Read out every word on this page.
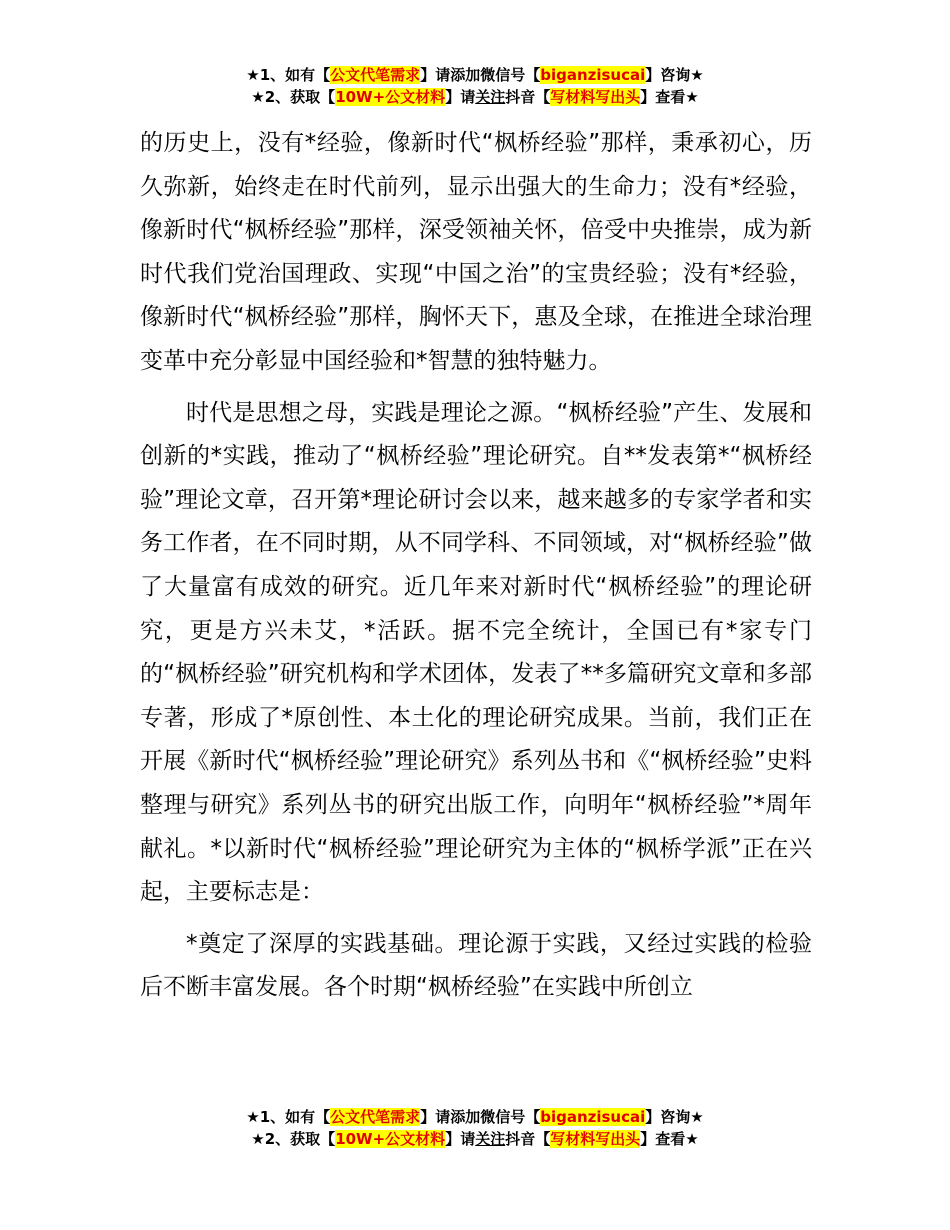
★1、如有【公文代笔需求】请添加微信号【biganzisucai】咨询★
★2、获取【10W+公文材料】请关注抖音【写材料写出头】查看★

的历史上，没有*经验，像新时代“枫桥经验”那样，秉承初心，历久弥新，始终走在时代前列，显示出强大的生命力；没有*经验，像新时代“枫桥经验”那样，深受领袖关怀，倍受中央推崇，成为新时代我们党治国理政、实现“中国之治”的宝贵经验；没有*经验，像新时代“枫桥经验”那样，胸怀天下，惠及全球，在推进全球治理变革中充分彰显中国经验和*智慧的独特魅力。

时代是思想之母，实践是理论之源。“枫桥经验”产生、发展和创新的*实践，推动了“枫桥经验”理论研究。自**发表第*“枫桥经验”理论文章，召开第*理论研讨会以来，越来越多的专家学者和实务工作者，在不同时期，从不同学科、不同领域，对“枫桥经验”做了大量富有成效的研究。近几年来对新时代“枫桥经验”的理论研究，更是方兴未艾，*活跃。据不完全统计，全国已有*家专门的“枫桥经验”研究机构和学术团体，发表了**多篇研究文章和多部专著，形成了*原创性、本土化的理论研究成果。当前，我们正在开展《新时代“枫桥经验”理论研究》系列丛书和《“枫桥经验”史料整理与研究》系列丛书的研究出版工作，向明年“枫桥经验”*周年献礼。*以新时代“枫桥经验”理论研究为主体的“枫桥学派”正在兴起，主要标志是：

*奠定了深厚的实践基础。理论源于实践，又经过实践的检验后不断丰富发展。各个时期“枫桥经验”在实践中所创立

★1、如有【公文代笔需求】请添加微信号【biganzisucai】咨询★
★2、获取【10W+公文材料】请关注抖音【写材料写出头】查看★
